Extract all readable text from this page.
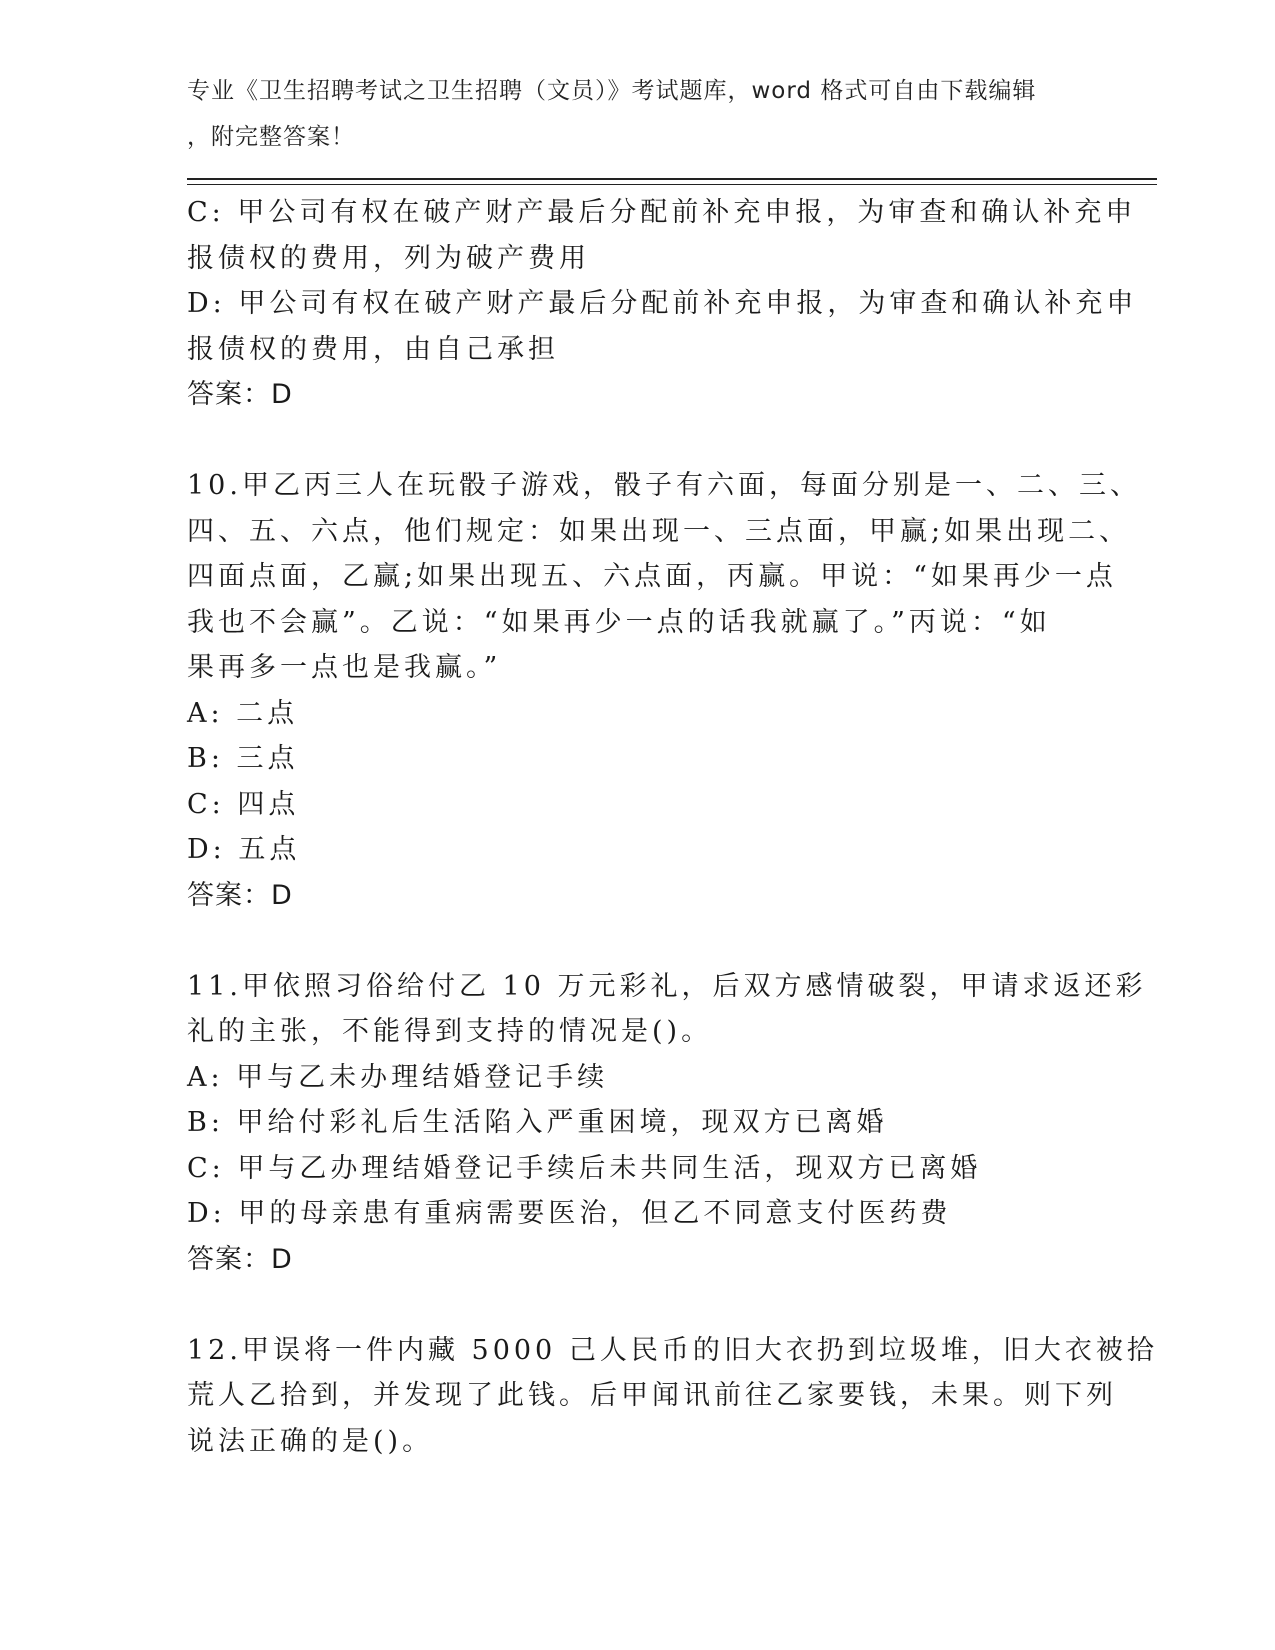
专业《卫生招聘考试之卫生招聘（文员）》考试题库，word 格式可自由下载编辑
，附完整答案！
C: 甲公司有权在破产财产最后分配前补充申报，为审查和确认补充申
报债权的费用，列为破产费用
D: 甲公司有权在破产财产最后分配前补充申报，为审查和确认补充申
报债权的费用，由自己承担
答案：D
10.甲乙丙三人在玩骰子游戏，骰子有六面，每面分别是一、二、三、
四、五、六点，他们规定：如果出现一、三点面，甲赢;如果出现二、
四面点面，乙赢;如果出现五、六点面，丙赢。甲说：“如果再少一点
我也不会赢”。乙说：“如果再少一点的话我就赢了。”丙说：“如
果再多一点也是我赢。”
A: 二点
B: 三点
C: 四点
D: 五点
答案：D
11.甲依照习俗给付乙 10 万元彩礼，后双方感情破裂，甲请求返还彩
礼的主张，不能得到支持的情况是()。
A: 甲与乙未办理结婚登记手续
B: 甲给付彩礼后生活陷入严重困境，现双方已离婚
C: 甲与乙办理结婚登记手续后未共同生活，现双方已离婚
D: 甲的母亲患有重病需要医治，但乙不同意支付医药费
答案：D
12.甲误将一件内藏 5000 己人民币的旧大衣扔到垃圾堆，旧大衣被拾
荒人乙拾到，并发现了此钱。后甲闻讯前往乙家要钱，未果。则下列
说法正确的是()。
